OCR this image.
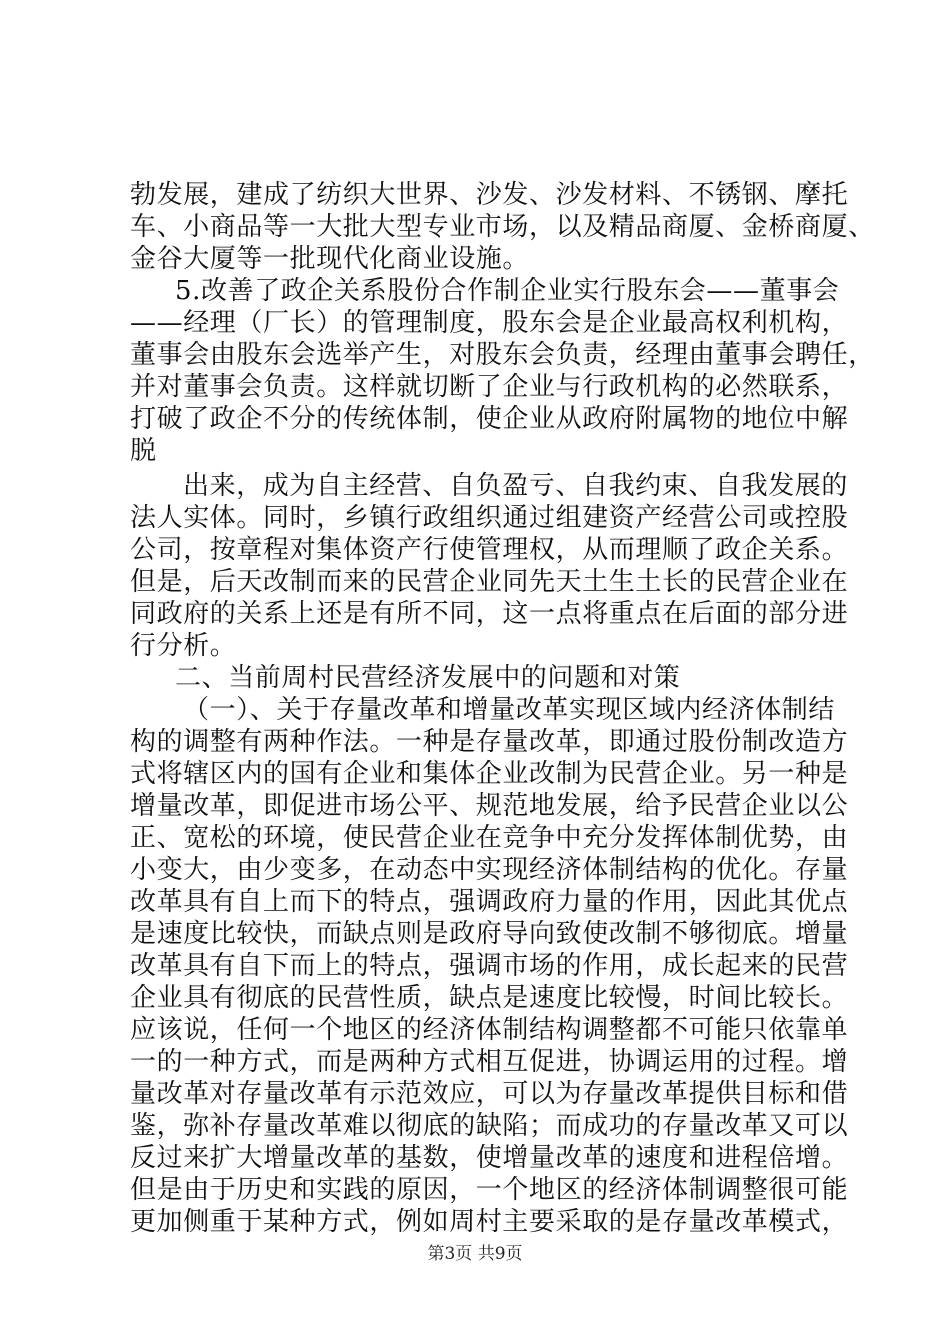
勃发展，建成了纺织大世界、沙发、沙发材料、不锈钢、摩托
车、小商品等一大批大型专业市场，以及精品商厦、金桥商厦、
金谷大厦等一批现代化商业设施。
5.改善了政企关系股份合作制企业实行股东会——董事会
——经理（厂长）的管理制度，股东会是企业最高权利机构，
董事会由股东会选举产生，对股东会负责，经理由董事会聘任，
并对董事会负责。这样就切断了企业与行政机构的必然联系，
打破了政企不分的传统体制，使企业从政府附属物的地位中解
脱
出来，成为自主经营、自负盈亏、自我约束、自我发展的
法人实体。同时，乡镇行政组织通过组建资产经营公司或控股
公司，按章程对集体资产行使管理权，从而理顺了政企关系。
但是，后天改制而来的民营企业同先天土生土长的民营企业在
同政府的关系上还是有所不同，这一点将重点在后面的部分进
行分析。
二、当前周村民营经济发展中的问题和对策
（一）、关于存量改革和增量改革实现区域内经济体制结
构的调整有两种作法。一种是存量改革，即通过股份制改造方
式将辖区内的国有企业和集体企业改制为民营企业。另一种是
增量改革，即促进市场公平、规范地发展，给予民营企业以公
正、宽松的环境，使民营企业在竞争中充分发挥体制优势，由
小变大，由少变多，在动态中实现经济体制结构的优化。存量
改革具有自上而下的特点，强调政府力量的作用，因此其优点
是速度比较快，而缺点则是政府导向致使改制不够彻底。增量
改革具有自下而上的特点，强调市场的作用，成长起来的民营
企业具有彻底的民营性质，缺点是速度比较慢，时间比较长。
应该说，任何一个地区的经济体制结构调整都不可能只依靠单
一的一种方式，而是两种方式相互促进，协调运用的过程。增
量改革对存量改革有示范效应，可以为存量改革提供目标和借
鉴，弥补存量改革难以彻底的缺陷；而成功的存量改革又可以
反过来扩大增量改革的基数，使增量改革的速度和进程倍增。
但是由于历史和实践的原因，一个地区的经济体制调整很可能
更加侧重于某种方式，例如周村主要采取的是存量改革模式，
第3页 共9页
